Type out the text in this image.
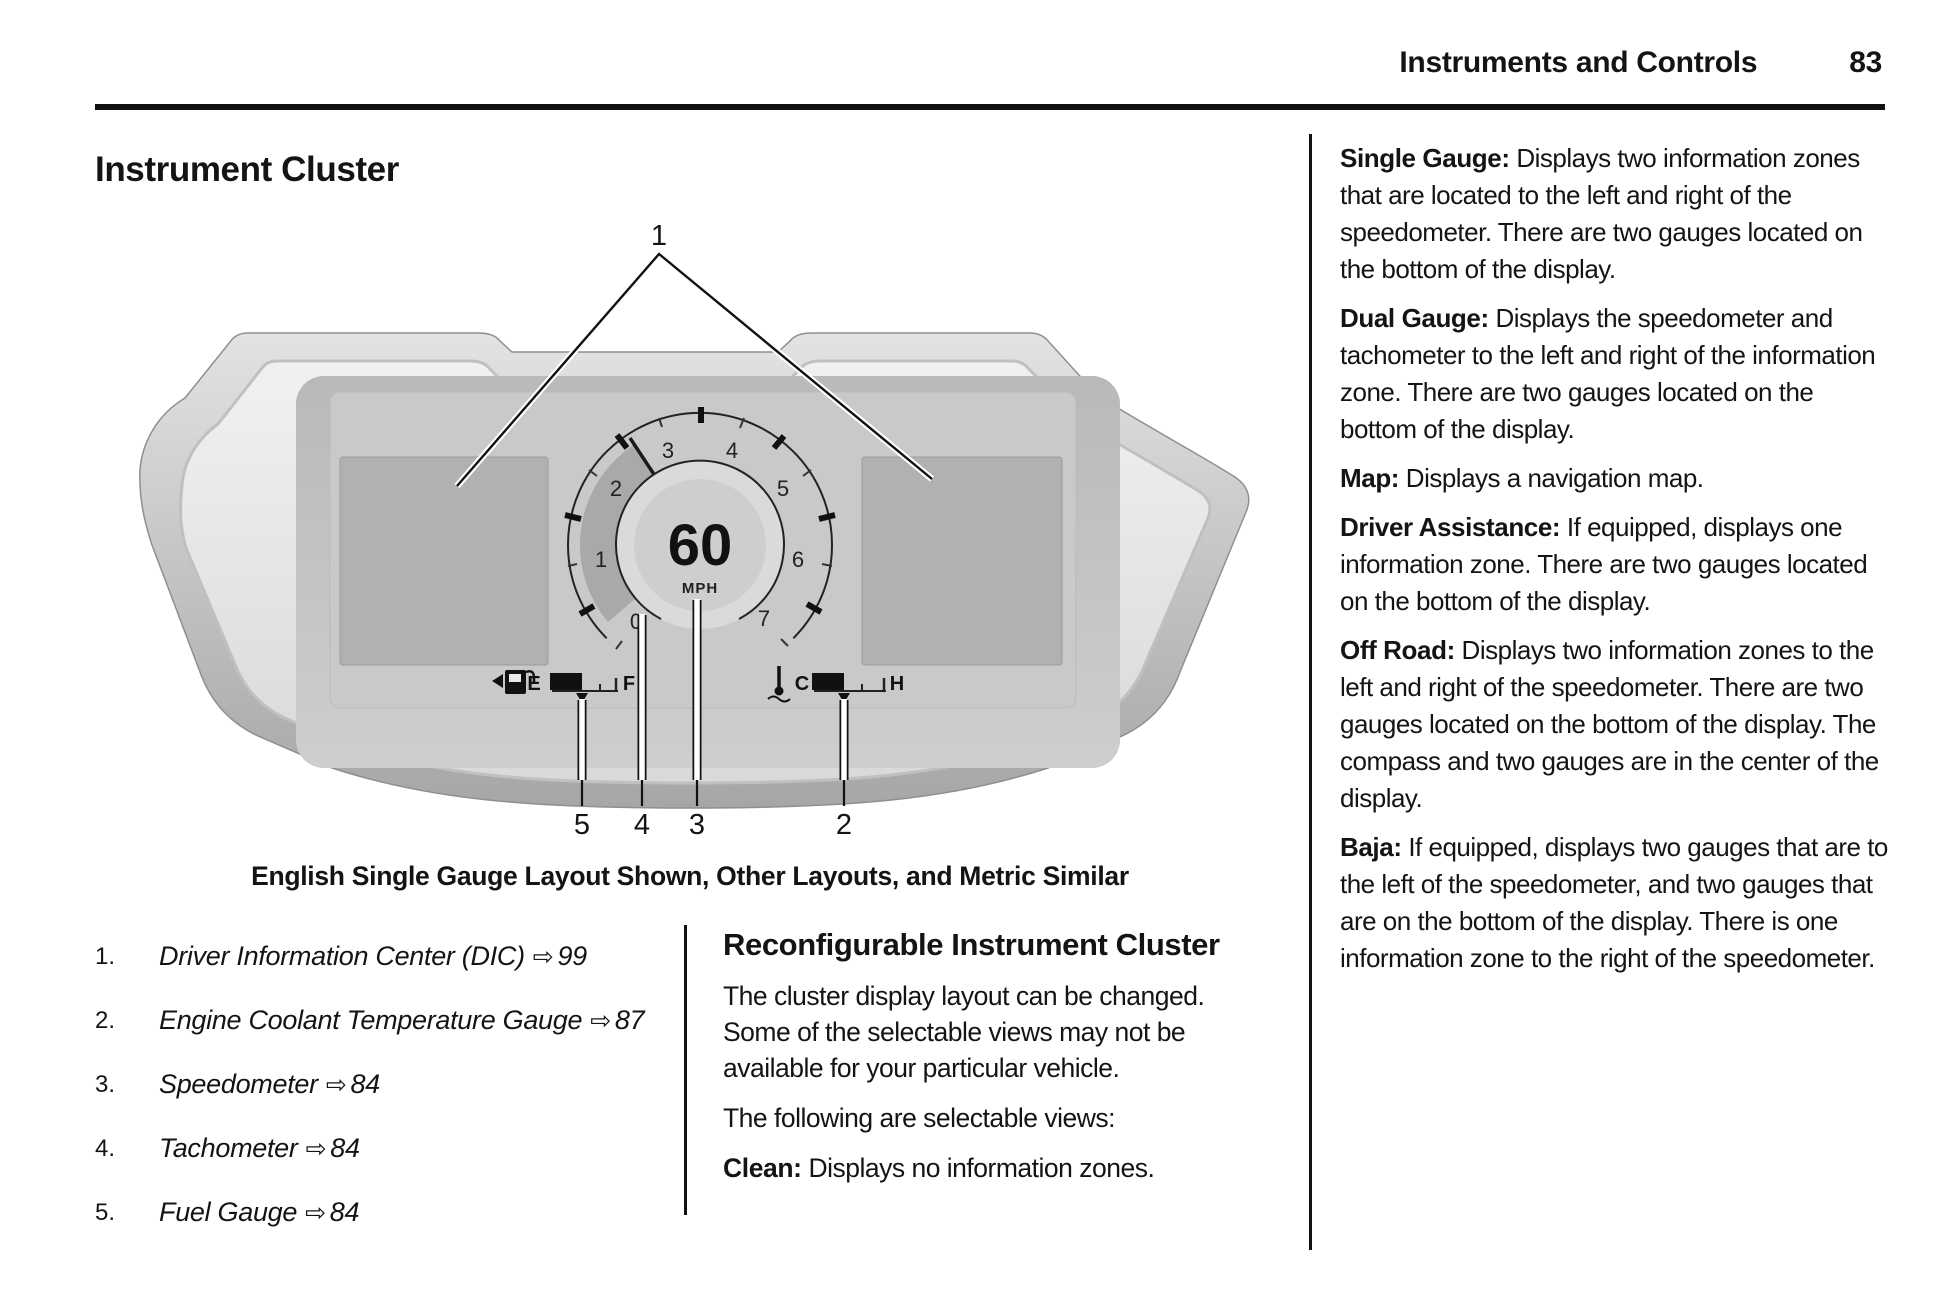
Instruments and Controls	83
Instrument Cluster
0
1
2
3 4
5
6
7
60
MPH
E	F	C	H
1
5 4 3	2
English Single Gauge Layout Shown, Other Layouts, and Metric Similar
1.	Driver Information Center (DIC) ⇨ 99
2.	Engine Coolant Temperature Gauge ⇨ 87
3.	Speedometer ⇨ 84
4.	Tachometer ⇨ 84
5.	Fuel Gauge ⇨ 84
Reconfigurable Instrument Cluster

The cluster display layout can be changed. Some of the selectable views may not be available for your particular vehicle.

The following are selectable views:

Clean: Displays no information zones.

Single Gauge: Displays two information zones that are located to the left and right of the speedometer. There are two gauges located on the bottom of the display.

Dual Gauge: Displays the speedometer and tachometer to the left and right of the information zone. There are two gauges located on the bottom of the display.

Map: Displays a navigation map.

Driver Assistance: If equipped, displays one information zone. There are two gauges located on the bottom of the display.

Off Road: Displays two information zones to the left and right of the speedometer. There are two gauges located on the bottom of the display. The compass and two gauges are in the center of the display.

Baja: If equipped, displays two gauges that are to the left of the speedometer, and two gauges that are on the bottom of the display. There is one information zone to the right of the speedometer.
